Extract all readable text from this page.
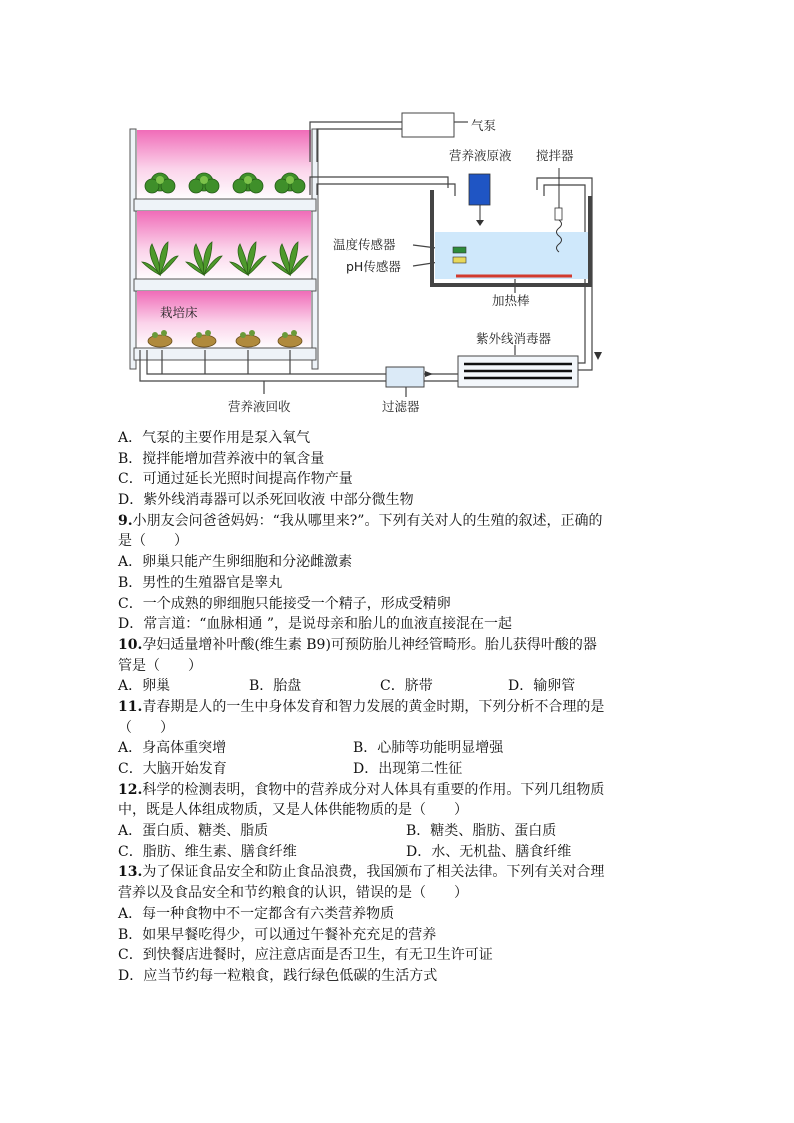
气泵
营养液原液 搅拌器
温度传感器
pH传感器
加热棒
栽培床
紫外线消毒器
营养液回收	过滤器
A．气泵的主要作用是泵入氧气
B．搅拌能增加营养液中的氧含量
C．可通过延长光照时间提高作物产量
D．紫外线消毒器可以杀死回收液 中部分微生物
9.小朋友会问爸爸妈妈：“我从哪里来?”。下列有关对人的生殖的叙述，正确的
是（　　）
A．卵巢只能产生卵细胞和分泌雌激素
B．男性的生殖器官是睾丸
C．一个成熟的卵细胞只能接受一个精子，形成受精卵
D．常言道：“血脉相通 ”，是说母亲和胎儿的血液直接混在一起
10.孕妇适量增补叶酸(维生素 B9)可预防胎儿神经管畸形。胎儿获得叶酸的器
管是（　　）
A．卵巢	B．胎盘	C．脐带	D．输卵管
11.青春期是人的一生中身体发育和智力发展的黄金时期，下列分析不合理的是
（　　）
A．身高体重突增	B．心肺等功能明显增强
C．大脑开始发育	D．出现第二性征
12.科学的检测表明，食物中的营养成分对人体具有重要的作用。下列几组物质
中，既是人体组成物质，又是人体供能物质的是（　　）
A．蛋白质、糖类、脂质	B．糖类、脂肪、蛋白质
C．脂肪、维生素、膳食纤维	D．水、无机盐、膳食纤维
13.为了保证食品安全和防止食品浪费，我国颁布了相关法律。下列有关对合理
营养以及食品安全和节约粮食的认识，错误的是（　　）
A．每一种食物中不一定都含有六类营养物质
B．如果早餐吃得少，可以通过午餐补充充足的营养
C．到快餐店进餐时，应注意店面是否卫生，有无卫生许可证
D．应当节约每一粒粮食，践行绿色低碳的生活方式
